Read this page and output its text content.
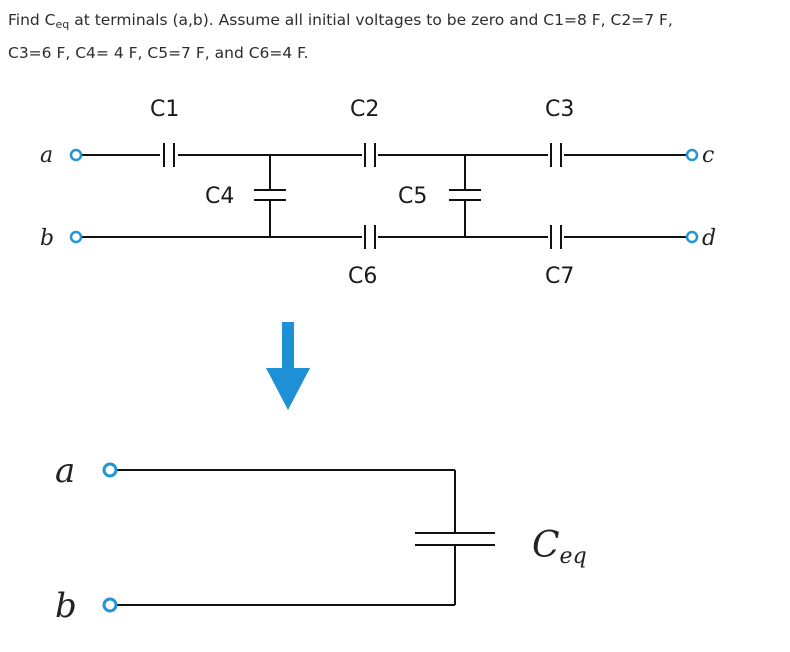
Find $C_{eq}$ at terminals (a,b). Assume all initial voltages to be zero and C1=8 F, C2=7 F,
C3=6 F, C4= 4 F, C5=7 F, and C6=4 F.
C1	C2	C3
C4	C5
C6	C7
a
b
c
d
a
b
Ceq
